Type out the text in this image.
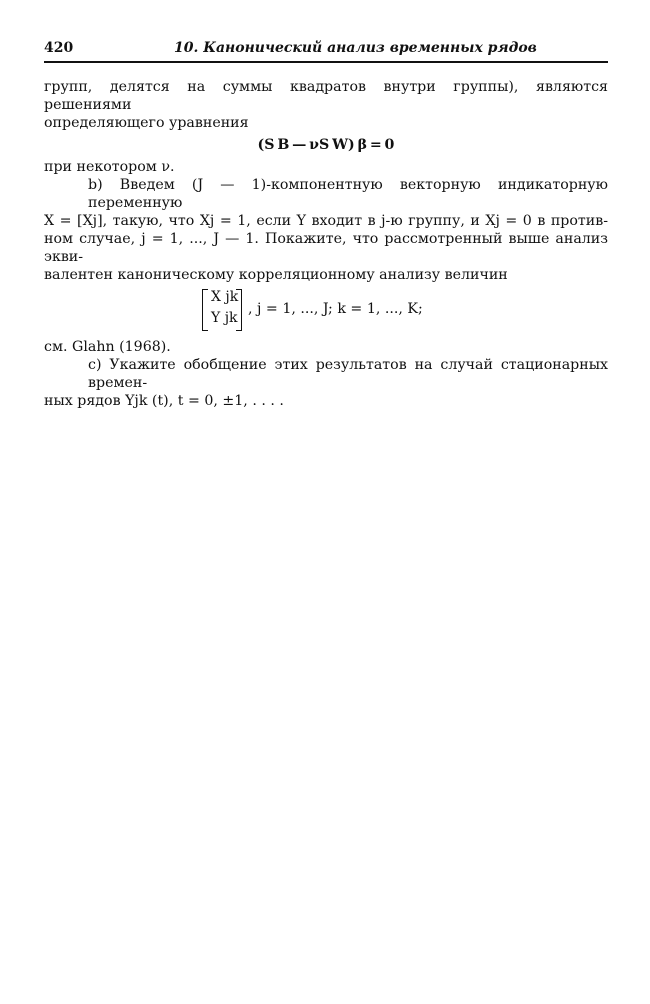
420	10. Канонический анализ временных рядов
групп, делятся на суммы квадратов внутри группы), являются решениями
определяющего уравнения
(S B — νS W) β = 0
при некотором ν.
b) Введем (J — 1)-компонентную векторную индикаторную переменную
X = [Xj], такую, что Xj = 1, если Y входит в j-ю группу, и Xj = 0 в против-
ном случае, j = 1, ..., J — 1. Покажите, что рассмотренный выше анализ экви-
валентен каноническому корреляционному анализу величин
X jk
Y jk
, j = 1, ..., J; k = 1, ..., K;
см. Glahn (1968).
c) Укажите обобщение этих результатов на случай стационарных времен-
ных рядов Yjk (t), t = 0, ±1, . . . .
